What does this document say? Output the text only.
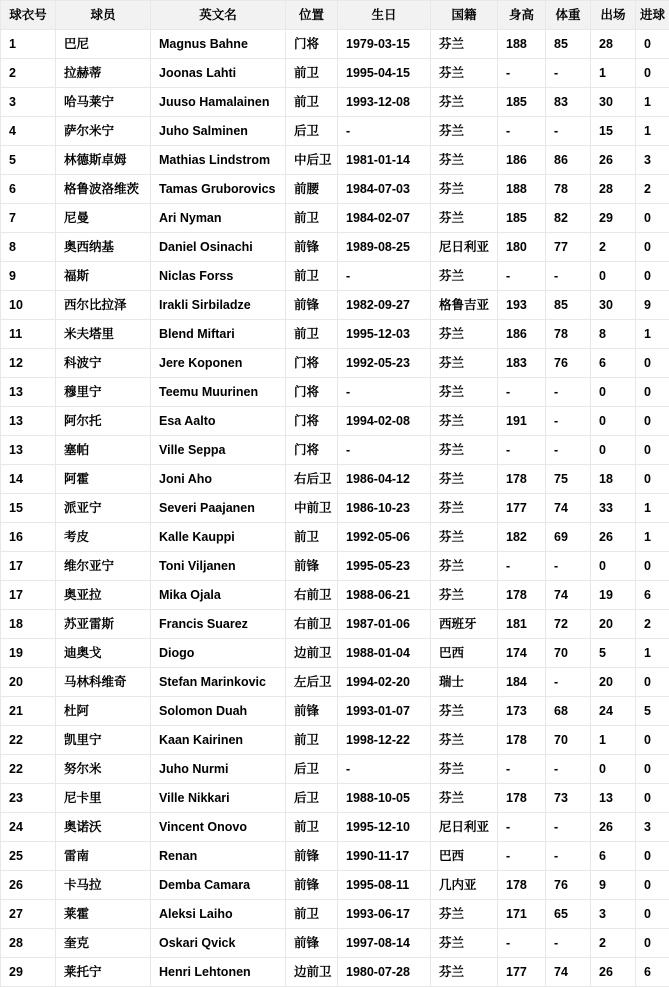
球衣号	球员	英文名	位置	生日	国籍	身高	体重	出场	进球
1	巴尼	Magnus Bahne	门将	1979-03-15	芬兰	188	85	28	0
2	拉赫蒂	Joonas Lahti	前卫	1995-04-15	芬兰	-	-	1	0
3	哈马莱宁	Juuso Hamalainen	前卫	1993-12-08	芬兰	185	83	30	1
4	萨尔米宁	Juho Salminen	后卫	-	芬兰	-	-	15	1
5	林德斯卓姆	Mathias Lindstrom	中后卫	1981-01-14	芬兰	186	86	26	3
6	格鲁波洛维茨	Tamas Gruborovics	前腰	1984-07-03	芬兰	188	78	28	2
7	尼曼	Ari Nyman	前卫	1984-02-07	芬兰	185	82	29	0
8	奥西纳基	Daniel Osinachi	前锋	1989-08-25	尼日利亚	180	77	2	0
9	福斯	Niclas Forss	前卫	-	芬兰	-	-	0	0
10	西尔比拉泽	Irakli Sirbiladze	前锋	1982-09-27	格鲁吉亚	193	85	30	9
11	米夫塔里	Blend Miftari	前卫	1995-12-03	芬兰	186	78	8	1
12	科波宁	Jere Koponen	门将	1992-05-23	芬兰	183	76	6	0
13	穆里宁	Teemu Muurinen	门将	-	芬兰	-	-	0	0
13	阿尔托	Esa Aalto	门将	1994-02-08	芬兰	191	-	0	0
13	塞帕	Ville Seppa	门将	-	芬兰	-	-	0	0
14	阿霍	Joni Aho	右后卫	1986-04-12	芬兰	178	75	18	0
15	派亚宁	Severi Paajanen	中前卫	1986-10-23	芬兰	177	74	33	1
16	考皮	Kalle Kauppi	前卫	1992-05-06	芬兰	182	69	26	1
17	维尔亚宁	Toni Viljanen	前锋	1995-05-23	芬兰	-	-	0	0
17	奥亚拉	Mika Ojala	右前卫	1988-06-21	芬兰	178	74	19	6
18	苏亚雷斯	Francis Suarez	右前卫	1987-01-06	西班牙	181	72	20	2
19	迪奥戈	Diogo	边前卫	1988-01-04	巴西	174	70	5	1
20	马林科维奇	Stefan Marinkovic	左后卫	1994-02-20	瑞士	184	-	20	0
21	杜阿	Solomon Duah	前锋	1993-01-07	芬兰	173	68	24	5
22	凯里宁	Kaan Kairinen	前卫	1998-12-22	芬兰	178	70	1	0
22	努尔米	Juho Nurmi	后卫	-	芬兰	-	-	0	0
23	尼卡里	Ville Nikkari	后卫	1988-10-05	芬兰	178	73	13	0
24	奥诺沃	Vincent Onovo	前卫	1995-12-10	尼日利亚	-	-	26	3
25	雷南	Renan	前锋	1990-11-17	巴西	-	-	6	0
26	卡马拉	Demba Camara	前锋	1995-08-11	几内亚	178	76	9	0
27	莱霍	Aleksi Laiho	前卫	1993-06-17	芬兰	171	65	3	0
28	奎克	Oskari Qvick	前锋	1997-08-14	芬兰	-	-	2	0
29	莱托宁	Henri Lehtonen	边前卫	1980-07-28	芬兰	177	74	26	6
